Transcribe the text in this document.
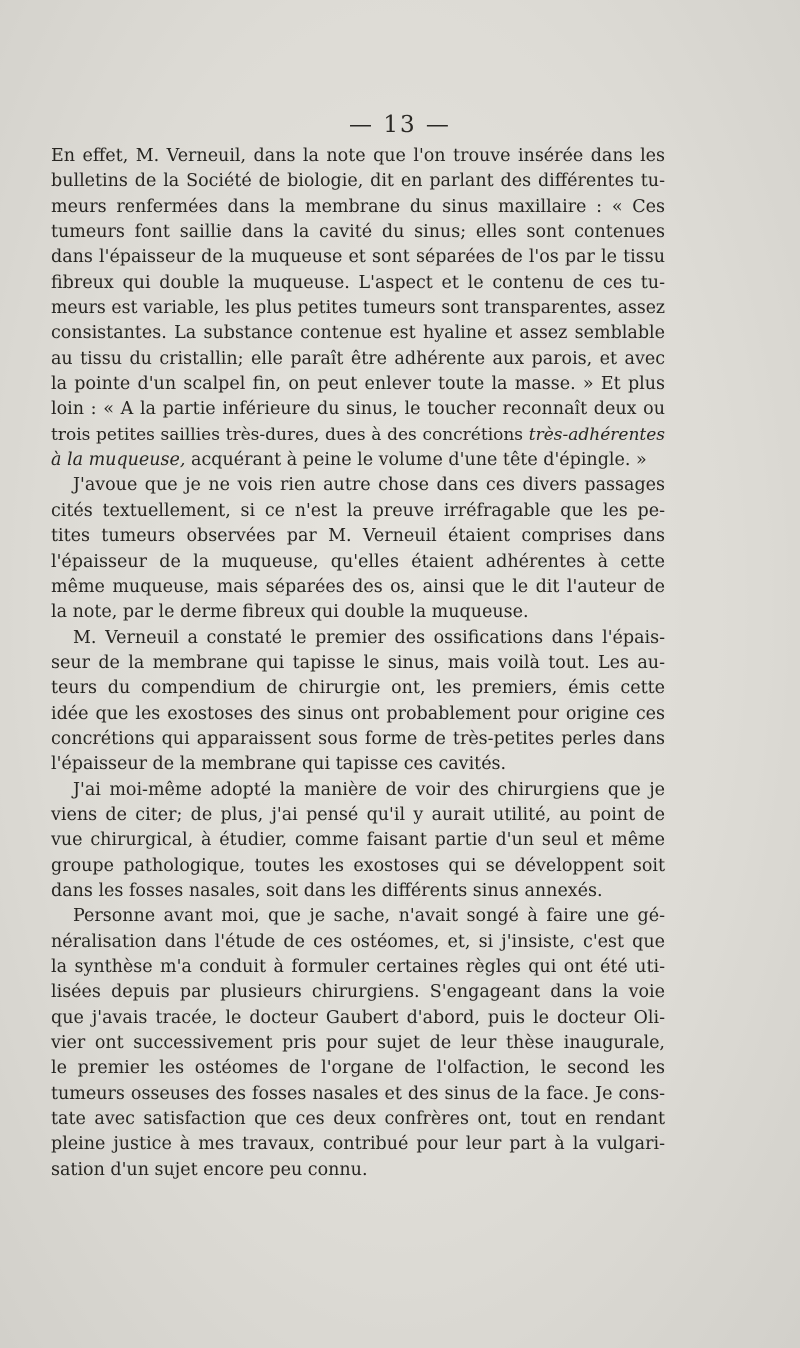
— 13 —
En effet, M. Verneuil, dans la note que l'on trouve insérée dans les
bulletins de la Société de biologie, dit en parlant des différentes tu-
meurs renfermées dans la membrane du sinus maxillaire : « Ces
tumeurs font saillie dans la cavité du sinus; elles sont contenues
dans l'épaisseur de la muqueuse et sont séparées de l'os par le tissu
fibreux qui double la muqueuse. L'aspect et le contenu de ces tu-
meurs est variable, les plus petites tumeurs sont transparentes, assez
consistantes. La substance contenue est hyaline et assez semblable
au tissu du cristallin; elle paraît être adhérente aux parois, et avec
la pointe d'un scalpel fin, on peut enlever toute la masse. » Et plus
loin : « A la partie inférieure du sinus, le toucher reconnaît deux ou
trois petites saillies très-dures, dues à des concrétions très-adhérentes
à la muqueuse, acquérant à peine le volume d'une tête d'épingle. »
J'avoue que je ne vois rien autre chose dans ces divers passages
cités textuellement, si ce n'est la preuve irréfragable que les pe-
tites tumeurs observées par M. Verneuil étaient comprises dans
l'épaisseur de la muqueuse, qu'elles étaient adhérentes à cette
même muqueuse, mais séparées des os, ainsi que le dit l'auteur de
la note, par le derme fibreux qui double la muqueuse.
M. Verneuil a constaté le premier des ossifications dans l'épais-
seur de la membrane qui tapisse le sinus, mais voilà tout. Les au-
teurs du compendium de chirurgie ont, les premiers, émis cette
idée que les exostoses des sinus ont probablement pour origine ces
concrétions qui apparaissent sous forme de très-petites perles dans
l'épaisseur de la membrane qui tapisse ces cavités.
J'ai moi-même adopté la manière de voir des chirurgiens que je
viens de citer; de plus, j'ai pensé qu'il y aurait utilité, au point de
vue chirurgical, à étudier, comme faisant partie d'un seul et même
groupe pathologique, toutes les exostoses qui se développent soit
dans les fosses nasales, soit dans les différents sinus annexés.
Personne avant moi, que je sache, n'avait songé à faire une gé-
néralisation dans l'étude de ces ostéomes, et, si j'insiste, c'est que
la synthèse m'a conduit à formuler certaines règles qui ont été uti-
lisées depuis par plusieurs chirurgiens. S'engageant dans la voie
que j'avais tracée, le docteur Gaubert d'abord, puis le docteur Oli-
vier ont successivement pris pour sujet de leur thèse inaugurale,
le premier les ostéomes de l'organe de l'olfaction, le second les
tumeurs osseuses des fosses nasales et des sinus de la face. Je cons-
tate avec satisfaction que ces deux confrères ont, tout en rendant
pleine justice à mes travaux, contribué pour leur part à la vulgari-
sation d'un sujet encore peu connu.
